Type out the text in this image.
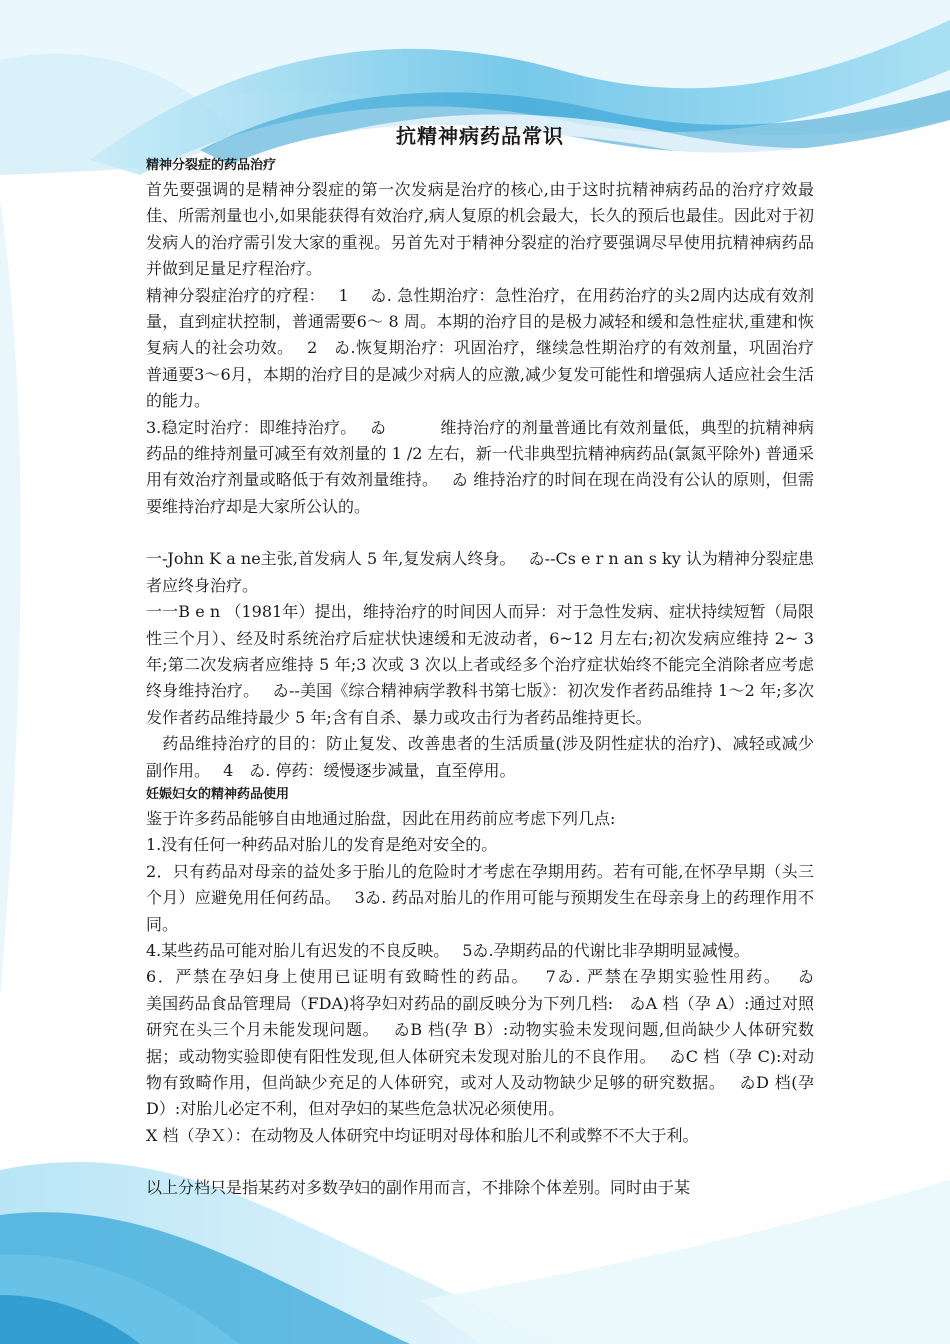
抗精神病药品常识

精神分裂症的药品治疗

首先要强调的是精神分裂症的第一次发病是治疗的核心,由于这时抗精神病药品的治疗疗效最佳、所需剂量也小,如果能获得有效治疗,病人复原的机会最大，长久的预后也最佳。因此对于初发病人的治疗需引发大家的重视。另首先对于精神分裂症的治疗要强调尽早使用抗精神病药品并做到足量足疗程治疗。

精神分裂症治疗的疗程：　 1　 ゐ. 急性期治疗：急性治疗，在用药治疗的头2周内达成有效剂量，直到症状控制，普通需要6～ 8 周。本期的治疗目的是极力减轻和缓和急性症状,重建和恢复病人的社会功效。　 2　ゐ.恢复期治疗：巩固治疗，继续急性期治疗的有效剂量，巩固治疗普通要3～6月，本期的治疗目的是减少对病人的应激,减少复发可能性和增强病人适应社会生活的能力。

3.稳定时治疗：即维持治疗。　 ゐ　　　 维持治疗的剂量普通比有效剂量低，典型的抗精神病药品的维持剂量可减至有效剂量的 1 /2 左右，新一代非典型抗精神病药品(氯氮平除外) 普通采用有效治疗剂量或略低于有效剂量维持。　 ゐ 维持治疗的时间在现在尚没有公认的原则，但需要维持治疗却是大家所公认的。

一-John K a ne主张,首发病人 5 年,复发病人终身。　 ゐ--Cs e r n an s ky 认为精神分裂症患者应终身治疗。

一一B e n （1981年）提出，维持治疗的时间因人而异：对于急性发病、症状持续短暂（局限性三个月）、经及时系统治疗后症状快速缓和无波动者，6~12 月左右;初次发病应维持 2~ 3 年;第二次发病者应维持 5 年;3 次或 3 次以上者或经多个治疗症状始终不能完全消除者应考虑终身维持治疗。　 ゐ--美国《综合精神病学教科书第七版》：初次发作者药品维持 1～2 年;多次发作者药品维持最少 5 年;含有自杀、暴力或攻击行为者药品维持更长。

　药品维持治疗的目的：防止复发、改善患者的生活质量(涉及阴性症状的治疗)、减轻或减少副作用。　 4　ゐ. 停药：缓慢逐步减量，直至停用。

妊娠妇女的精神药品使用

鉴于许多药品能够自由地通过胎盘，因此在用药前应考虑下列几点:

1.没有任何一种药品对胎儿的发育是绝对安全的。

2．只有药品对母亲的益处多于胎儿的危险时才考虑在孕期用药。若有可能,在怀孕早期（头三个月）应避免用任何药品。　 3ゐ. 药品对胎儿的作用可能与预期发生在母亲身上的药理作用不同。

4.某些药品可能对胎儿有迟发的不良反映。　 5ゐ.孕期药品的代谢比非孕期明显减慢。

6．严禁在孕妇身上使用已证明有致畸性的药品。　 7ゐ. 严禁在孕期实验性用药。　 ゐ　　　 美国药品食品管理局（FDA)将孕妇对药品的副反映分为下列几档:　ゐA 档（孕 A）:通过对照研究在头三个月未能发现问题。　 ゐB 档(孕 B）:动物实验未发现问题,但尚缺少人体研究数据；或动物实验即使有阳性发现,但人体研究未发现对胎儿的不良作用。　 ゐC 档（孕 C):对动物有致畸作用，但尚缺少充足的人体研究，或对人及动物缺少足够的研究数据。　 ゐD 档(孕 D）:对胎儿必定不利，但对孕妇的某些危急状况必须使用。

X 档（孕Ｘ）：在动物及人体研究中均证明对母体和胎儿不利或弊不不大于利。

以上分档只是指某药对多数孕妇的副作用而言，不排除个体差别。同时由于某
